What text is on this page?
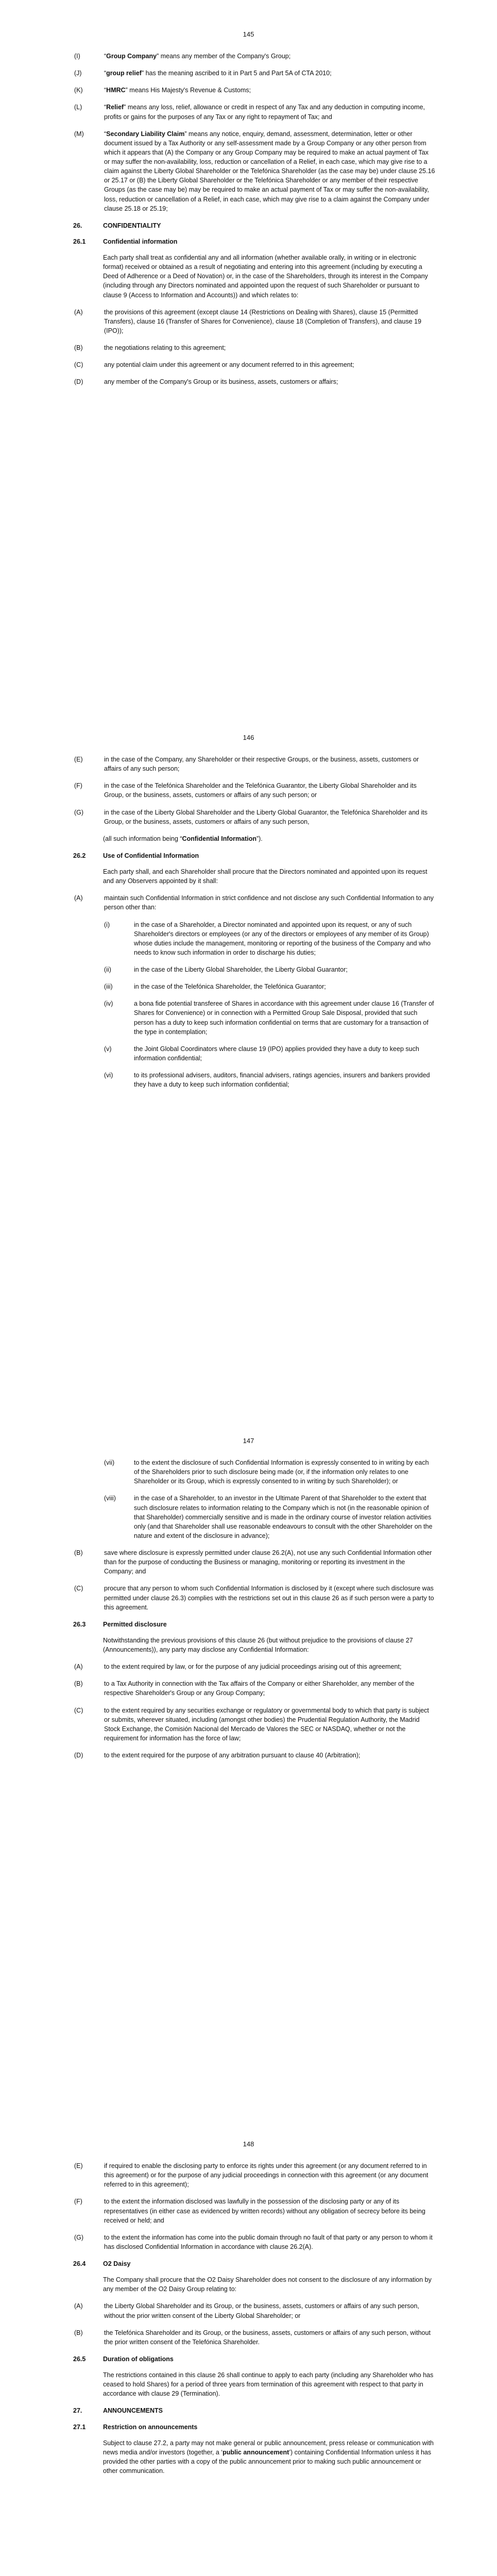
145
(I)	“Group Company” means any member of the Company's Group;
(J)	“group relief” has the meaning ascribed to it in Part 5 and Part 5A of CTA 2010;
(K)	“HMRC” means His Majesty's Revenue & Customs;
(L)	“Relief” means any loss, relief, allowance or credit in respect of any Tax and any deduction in computing income, profits or gains for the purposes of any Tax or any right to repayment of Tax; and
(M)	“Secondary Liability Claim” means any notice, enquiry, demand, assessment, determination, letter or other document issued by a Tax Authority or any self-assessment made by a Group Company or any other person from which it appears that (A) the Company or any Group Company may be required to make an actual payment of Tax or may suffer the non-availability, loss, reduction or cancellation of a Relief, in each case, which may give rise to a claim against the Liberty Global Shareholder or the Telefónica Shareholder (as the case may be) under clause 25.16 or 25.17 or (B) the Liberty Global Shareholder or the Telefónica Shareholder or any member of their respective Groups (as the case may be) may be required to make an actual payment of Tax or may suffer the non-availability, loss, reduction or cancellation of a Relief, in each case, which may give rise to a claim against the Company under clause 25.18 or 25.19;
26.	CONFIDENTIALITY
26.1	Confidential information
Each party shall treat as confidential any and all information (whether available orally, in writing or in electronic format) received or obtained as a result of negotiating and entering into this agreement (including by executing a Deed of Adherence or a Deed of Novation) or, in the case of the Shareholders, through its interest in the Company (including through any Directors nominated and appointed upon the request of such Shareholder or pursuant to clause 9 (Access to Information and Accounts)) and which relates to:
(A)	the provisions of this agreement (except clause 14 (Restrictions on Dealing with Shares), clause 15 (Permitted Transfers), clause 16 (Transfer of Shares for Convenience), clause 18 (Completion of Transfers), and clause 19 (IPO));
(B)	the negotiations relating to this agreement;
(C)	any potential claim under this agreement or any document referred to in this agreement;
(D)	any member of the Company's Group or its business, assets, customers or affairs;
146
(E)	in the case of the Company, any Shareholder or their respective Groups, or the business, assets, customers or affairs of any such person;
(F)	in the case of the Telefónica Shareholder and the Telefónica Guarantor, the Liberty Global Shareholder and its Group, or the business, assets, customers or affairs of any such person; or
(G)	in the case of the Liberty Global Shareholder and the Liberty Global Guarantor, the Telefónica Shareholder and its Group, or the business, assets, customers or affairs of any such person,
(all such information being “Confidential Information”).
26.2	Use of Confidential Information
Each party shall, and each Shareholder shall procure that the Directors nominated and appointed upon its request and any Observers appointed by it shall:
(A)	maintain such Confidential Information in strict confidence and not disclose any such Confidential Information to any person other than:
(i)	in the case of a Shareholder, a Director nominated and appointed upon its request, or any of such Shareholder's directors or employees (or any of the directors or employees of any member of its Group) whose duties include the management, monitoring or reporting of the business of the Company and who needs to know such information in order to discharge his duties;
(ii)	in the case of the Liberty Global Shareholder, the Liberty Global Guarantor;
(iii)	in the case of the Telefónica Shareholder, the Telefónica Guarantor;
(iv)	a bona fide potential transferee of Shares in accordance with this agreement under clause 16 (Transfer of Shares for Convenience) or in connection with a Permitted Group Sale Disposal, provided that such person has a duty to keep such information confidential on terms that are customary for a transaction of the type in contemplation;
(v)	the Joint Global Coordinators where clause 19 (IPO) applies provided they have a duty to keep such information confidential;
(vi)	to its professional advisers, auditors, financial advisers, ratings agencies, insurers and bankers provided they have a duty to keep such information confidential;
147
(vii)	to the extent the disclosure of such Confidential Information is expressly consented to in writing by each of the Shareholders prior to such disclosure being made (or, if the information only relates to one Shareholder or its Group, which is expressly consented to in writing by such Shareholder); or
(viii)	in the case of a Shareholder, to an investor in the Ultimate Parent of that Shareholder to the extent that such disclosure relates to information relating to the Company which is not (in the reasonable opinion of that Shareholder) commercially sensitive and is made in the ordinary course of investor relation activities only (and that Shareholder shall use reasonable endeavours to consult with the other Shareholder on the nature and extent of the disclosure in advance);
(B)	save where disclosure is expressly permitted under clause 26.2(A), not use any such Confidential Information other than for the purpose of conducting the Business or managing, monitoring or reporting its investment in the Company; and
(C)	procure that any person to whom such Confidential Information is disclosed by it (except where such disclosure was permitted under clause 26.3) complies with the restrictions set out in this clause 26 as if such person were a party to this agreement.
26.3	Permitted disclosure
Notwithstanding the previous provisions of this clause 26 (but without prejudice to the provisions of clause 27 (Announcements)), any party may disclose any Confidential Information:
(A)	to the extent required by law, or for the purpose of any judicial proceedings arising out of this agreement;
(B)	to a Tax Authority in connection with the Tax affairs of the Company or either Shareholder, any member of the respective Shareholder's Group or any Group Company;
(C)	to the extent required by any securities exchange or regulatory or governmental body to which that party is subject or submits, wherever situated, including (amongst other bodies) the Prudential Regulation Authority, the Madrid Stock Exchange, the Comisión Nacional del Mercado de Valores the SEC or NASDAQ, whether or not the requirement for information has the force of law;
(D)	to the extent required for the purpose of any arbitration pursuant to clause 40 (Arbitration);
148
(E)	if required to enable the disclosing party to enforce its rights under this agreement (or any document referred to in this agreement) or for the purpose of any judicial proceedings in connection with this agreement (or any document referred to in this agreement);
(F)	to the extent the information disclosed was lawfully in the possession of the disclosing party or any of its representatives (in either case as evidenced by written records) without any obligation of secrecy before its being received or held; and
(G)	to the extent the information has come into the public domain through no fault of that party or any person to whom it has disclosed Confidential Information in accordance with clause 26.2(A).
26.4	O2 Daisy
The Company shall procure that the O2 Daisy Shareholder does not consent to the disclosure of any information by any member of the O2 Daisy Group relating to:
(A)	the Liberty Global Shareholder and its Group, or the business, assets, customers or affairs of any such person, without the prior written consent of the Liberty Global Shareholder; or
(B)	the Telefónica Shareholder and its Group, or the business, assets, customers or affairs of any such person, without the prior written consent of the Telefónica Shareholder.
26.5	Duration of obligations
The restrictions contained in this clause 26 shall continue to apply to each party (including any Shareholder who has ceased to hold Shares) for a period of three years from termination of this agreement with respect to that party in accordance with clause 29 (Termination).
27.	ANNOUNCEMENTS
27.1	Restriction on announcements
Subject to clause 27.2, a party may not make general or public announcement, press release or communication with news media and/or investors (together, a ‘public announcement’) containing Confidential Information unless it has provided the other parties with a copy of the public announcement prior to making such public announcement or other communication.
